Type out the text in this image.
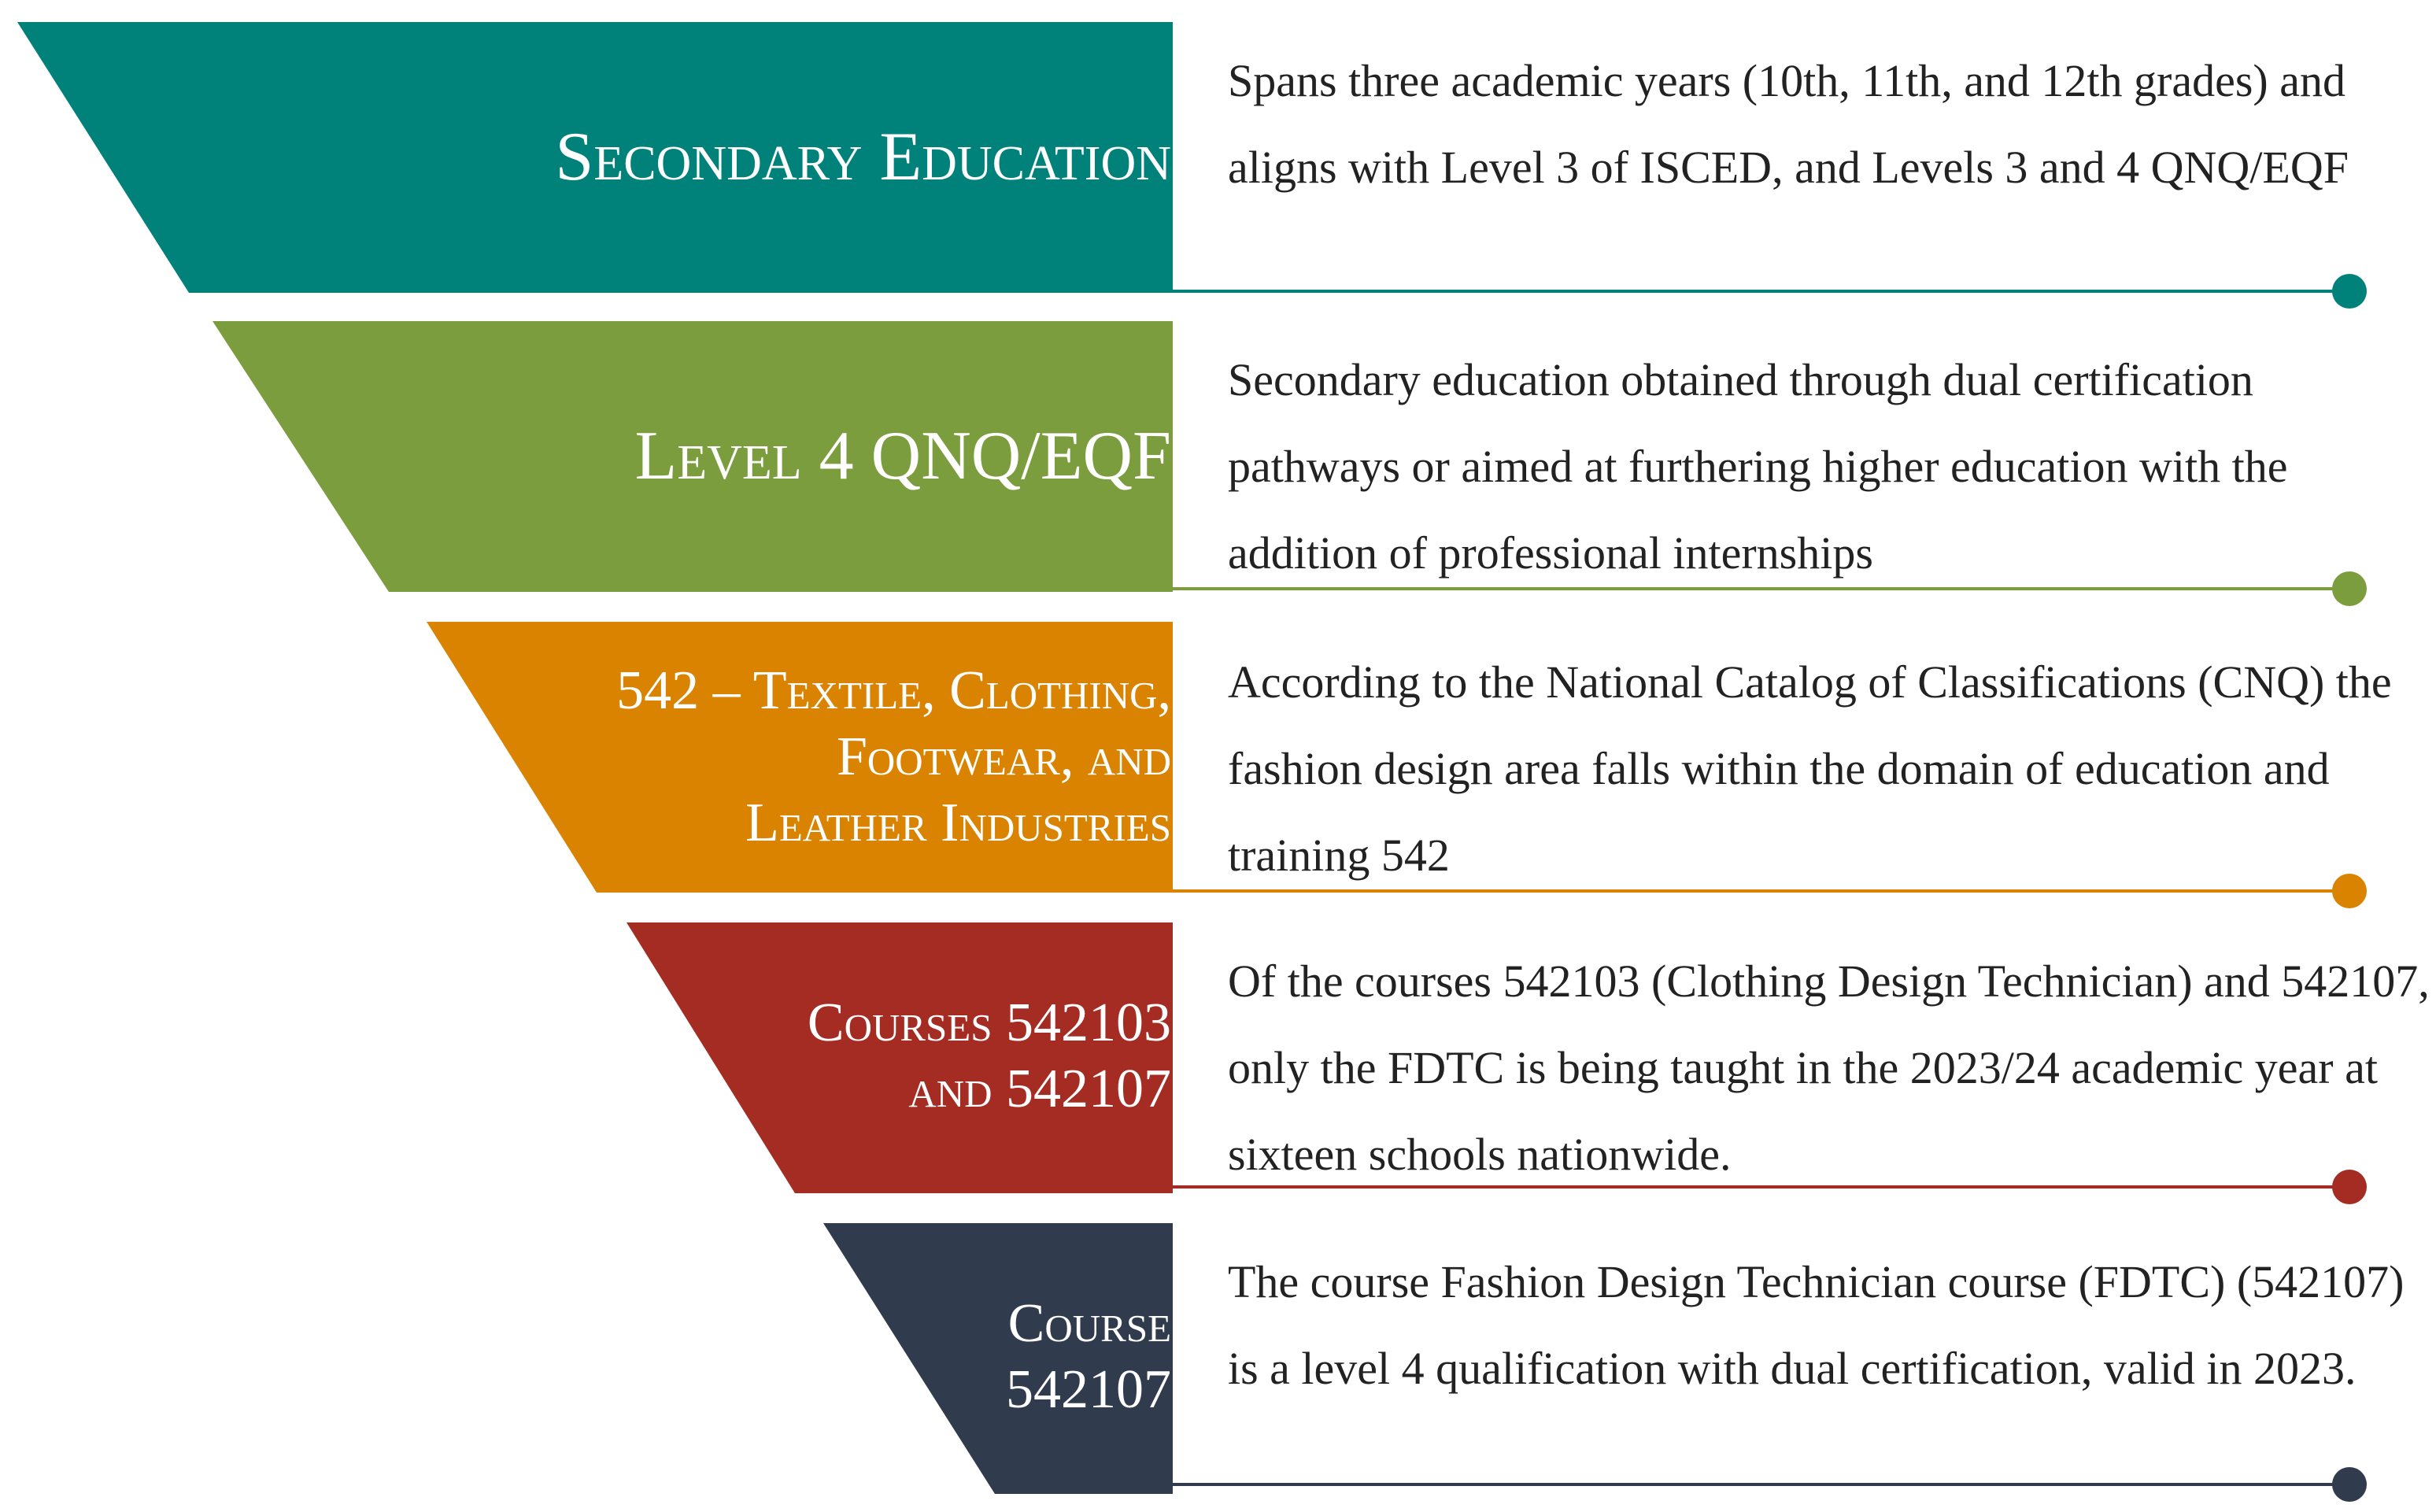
Secondary Education
Level 4 QNQ/EQF
542 – Textile, Clothing,
Footwear, and
Leather Industries
Courses 542103
and 542107
Course
542107
Spans three academic years (10th, 11th, and 12th grades) and aligns with Level 3 of ISCED, and Levels 3 and 4 QNQ/EQF
Secondary education obtained through dual certification pathways or aimed at furthering higher education with the addition of professional internships
According to the National Catalog of Classifications (CNQ) the fashion design area falls within the domain of education and training 542
Of the courses 542103 (Clothing Design Technician) and 542107, only the FDTC is being taught in the 2023/24 academic year at sixteen schools nationwide.
The course Fashion Design Technician course (FDTC) (542107) is a level 4 qualification with dual certification, valid in 2023.
